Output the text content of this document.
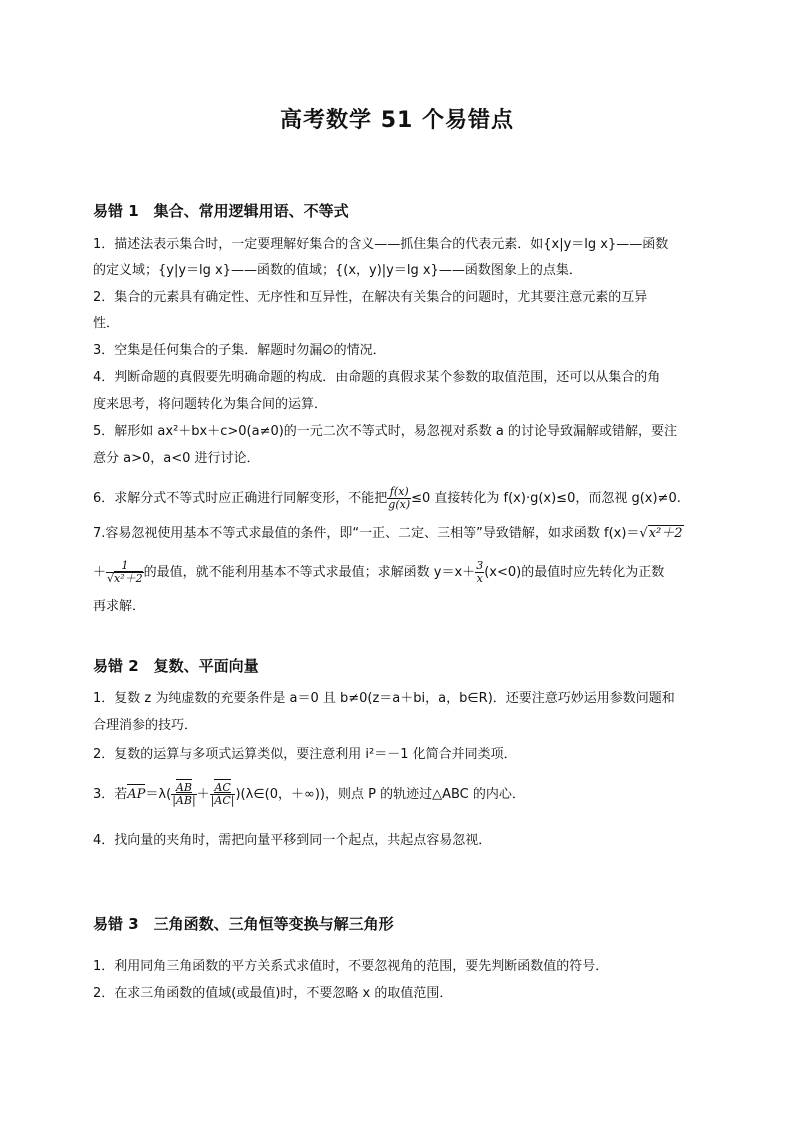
高考数学 51 个易错点
易错 1　集合、常用逻辑用语、不等式
1．描述法表示集合时，一定要理解好集合的含义——抓住集合的代表元素．如{x|y＝lg x}——函数
的定义域；{y|y＝lg x}——函数的值域；{(x，y)|y＝lg x}——函数图象上的点集．
2．集合的元素具有确定性、无序性和互异性，在解决有关集合的问题时，尤其要注意元素的互异
性．
3．空集是任何集合的子集．解题时勿漏∅的情况．
4．判断命题的真假要先明确命题的构成．由命题的真假求某个参数的取值范围，还可以从集合的角
度来思考，将问题转化为集合间的运算．
5．解形如 ax²＋bx＋c>0(a≠0)的一元二次不等式时，易忽视对系数 a 的讨论导致漏解或错解，要注
意分 a>0，a<0 进行讨论．
6．求解分式不等式时应正确进行同解变形，不能把 $\frac{f(x)}{g(x)} \le 0$ 直接转化为 f(x)·g(x)≤0，而忽视 g(x)≠0.
7.容易忽视使用基本不等式求最值的条件，即“一正、二定、三相等”导致错解，如求函数 f(x)＝√x²＋2
＋ $\frac{1}{\text{√x²＋2}}$ 的最值，就不能利用基本不等式求最值；求解函数 $y=x+ \frac{3}{x} (x<0)$的最值时应先转化为正数
再求解．
易错 2　复数、平面向量
1．复数 z 为纯虚数的充要条件是 a＝0 且 b≠0(z＝a＋bi，a，b∈R)．还要注意巧妙运用参数问题和
合理消参的技巧．
2．复数的运算与多项式运算类似，要注意利用 i²＝－1 化简合并同类项．
3．若$AP=\lambda( \frac{AB}{|AB|} + \frac{AC}{|AC|}$ )(λ∈(0，＋∞))，则点 P 的轨迹过△ABC 的内心．
4．找向量的夹角时，需把向量平移到同一个起点，共起点容易忽视．
易错 3　三角函数、三角恒等变换与解三角形
1．利用同角三角函数的平方关系式求值时，不要忽视角的范围，要先判断函数值的符号．
2．在求三角函数的值域(或最值)时，不要忽略 x 的取值范围．
